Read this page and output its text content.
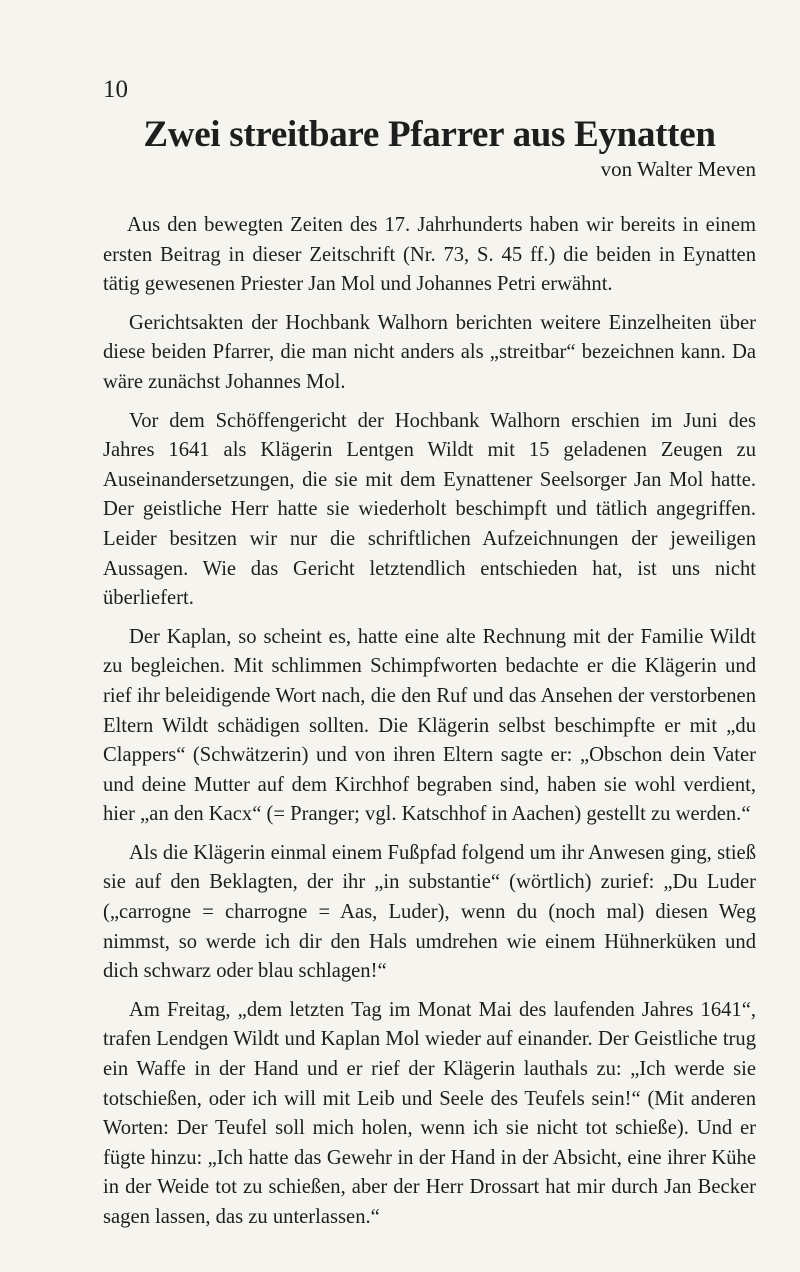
10
Zwei streitbare Pfarrer aus Eynatten
von Walter Meven

Aus den bewegten Zeiten des 17. Jahrhunderts haben wir bereits in einem ersten Beitrag in dieser Zeitschrift (Nr. 73, S. 45 ff.) die beiden in Eynatten tätig gewesenen Priester Jan Mol und Johannes Petri erwähnt.

Gerichtsakten der Hochbank Walhorn berichten weitere Einzelheiten über diese beiden Pfarrer, die man nicht anders als „streitbar“ bezeichnen kann. Da wäre zunächst Johannes Mol.

Vor dem Schöffengericht der Hochbank Walhorn erschien im Juni des Jahres 1641 als Klägerin Lentgen Wildt mit 15 geladenen Zeugen zu Auseinandersetzungen, die sie mit dem Eynattener Seelsorger Jan Mol hatte. Der geistliche Herr hatte sie wiederholt beschimpft und tätlich angegriffen. Leider besitzen wir nur die schriftlichen Aufzeichnungen der jeweiligen Aussagen. Wie das Gericht letztendlich entschieden hat, ist uns nicht überliefert.

Der Kaplan, so scheint es, hatte eine alte Rechnung mit der Familie Wildt zu begleichen. Mit schlimmen Schimpfworten bedachte er die Klägerin und rief ihr beleidigende Wort nach, die den Ruf und das Ansehen der verstorbenen Eltern Wildt schädigen sollten. Die Klägerin selbst beschimpfte er mit „du Clappers“ (Schwätzerin) und von ihren Eltern sagte er: „Obschon dein Vater und deine Mutter auf dem Kirchhof begraben sind, haben sie wohl verdient, hier „an den Kacx“ (= Pranger; vgl. Katschhof in Aachen) gestellt zu werden.“

Als die Klägerin einmal einem Fußpfad folgend um ihr Anwesen ging, stieß sie auf den Beklagten, der ihr „in substantie“ (wörtlich) zurief: „Du Luder („carrogne = charrogne = Aas, Luder), wenn du (noch mal) diesen Weg nimmst, so werde ich dir den Hals umdrehen wie einem Hühnerküken und dich schwarz oder blau schlagen!“

Am Freitag, „dem letzten Tag im Monat Mai des laufenden Jahres 1641“, trafen Lendgen Wildt und Kaplan Mol wieder auf einander. Der Geistliche trug ein Waffe in der Hand und er rief der Klägerin lauthals zu: „Ich werde sie totschießen, oder ich will mit Leib und Seele des Teufels sein!“ (Mit anderen Worten: Der Teufel soll mich holen, wenn ich sie nicht tot schieße). Und er fügte hinzu: „Ich hatte das Gewehr in der Hand in der Absicht, eine ihrer Kühe in der Weide tot zu schießen, aber der Herr Drossart hat mir durch Jan Becker sagen lassen, das zu unterlassen.“
